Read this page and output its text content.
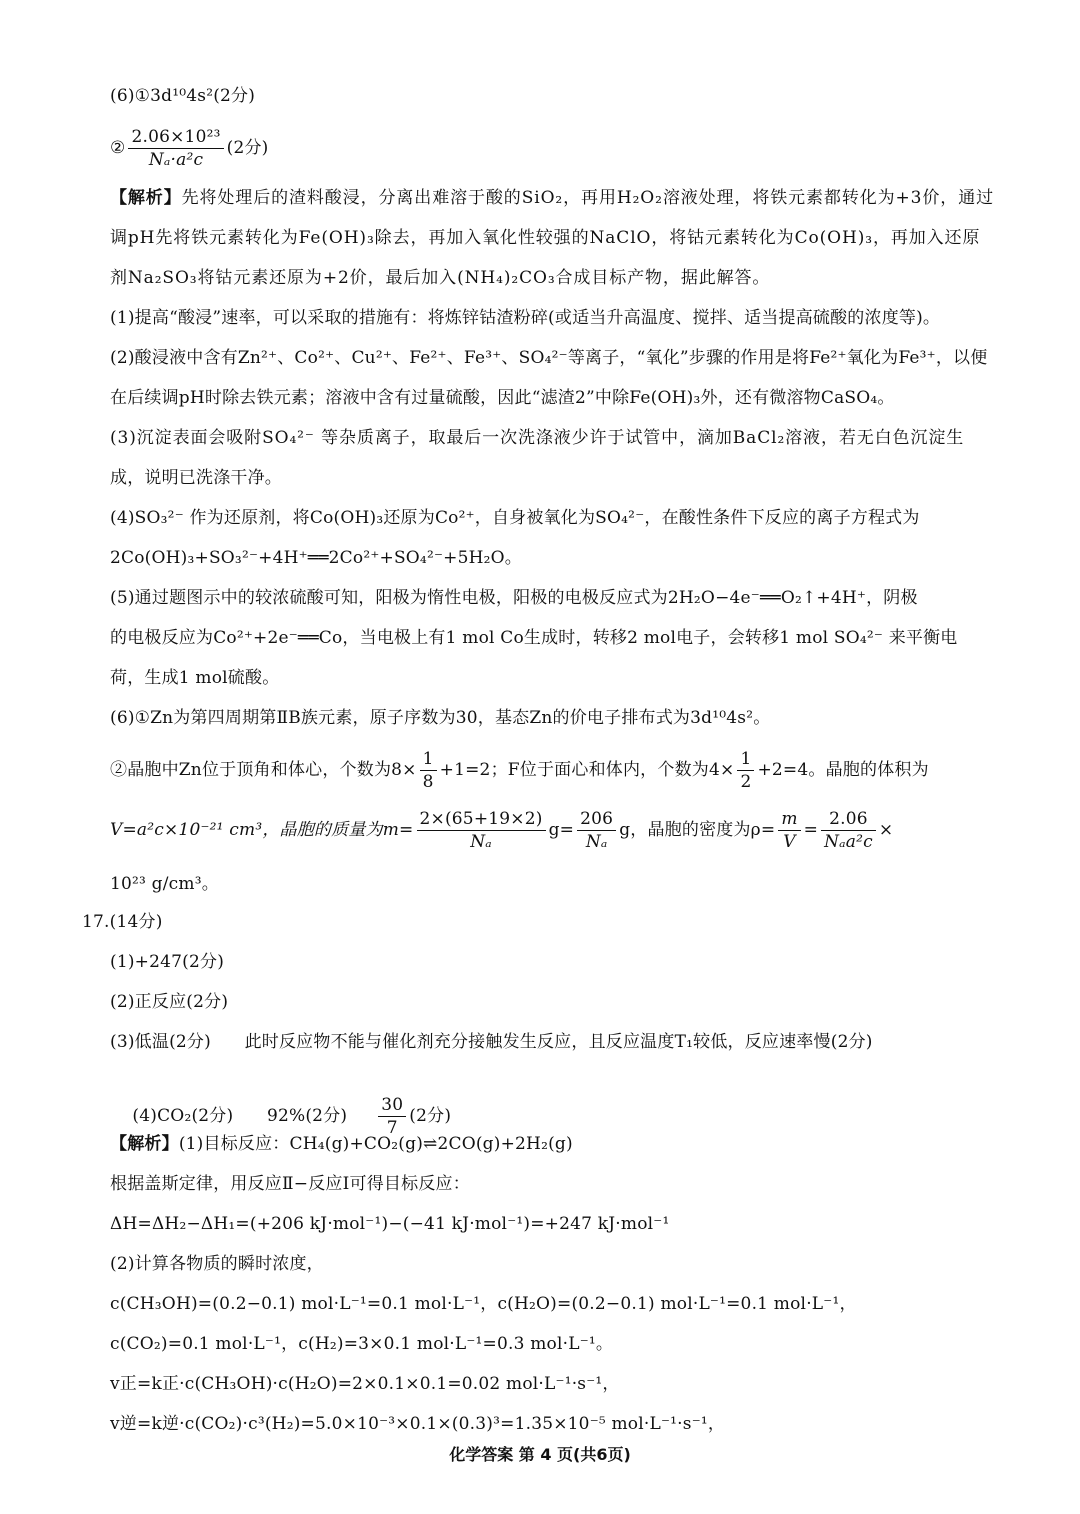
(6)①3d¹⁰4s²(2分)
② $\frac{\text{2.06×10²³}}{\text{Nₐ·a²c}} (2$分)
【解析】先将处理后的渣料酸浸，分离出难溶于酸的SiO₂，再用H₂O₂溶液处理，将铁元素都转化为+3价，通过
调pH先将铁元素转化为Fe(OH)₃除去，再加入氧化性较强的NaClO，将钴元素转化为Co(OH)₃，再加入还原
剂Na₂SO₃将钴元素还原为+2价，最后加入(NH₄)₂CO₃合成目标产物，据此解答。
(1)提高“酸浸”速率，可以采取的措施有：将炼锌钴渣粉碎(或适当升高温度、搅拌、适当提高硫酸的浓度等)。
(2)酸浸液中含有Zn²⁺、Co²⁺、Cu²⁺、Fe²⁺、Fe³⁺、SO₄²⁻等离子，“氧化”步骤的作用是将Fe²⁺氧化为Fe³⁺，以便
在后续调pH时除去铁元素；溶液中含有过量硫酸，因此“滤渣2”中除Fe(OH)₃外，还有微溶物CaSO₄。
(3)沉淀表面会吸附SO₄²⁻ 等杂质离子，取最后一次洗涤液少许于试管中，滴加BaCl₂溶液，若无白色沉淀生
成，说明已洗涤干净。
(4)SO₃²⁻ 作为还原剂，将Co(OH)₃还原为Co²⁺，自身被氧化为SO₄²⁻，在酸性条件下反应的离子方程式为
2Co(OH)₃+SO₃²⁻+4H⁺══2Co²⁺+SO₄²⁻+5H₂O。
(5)通过题图示中的较浓硫酸可知，阳极为惰性电极，阳极的电极反应式为2H₂O−4e⁻══O₂↑+4H⁺，阴极
的电极反应为Co²⁺+2e⁻══Co，当电极上有1 mol Co生成时，转移2 mol电子，会转移1 mol SO₄²⁻ 来平衡电
荷，生成1 mol硫酸。
(6)①Zn为第四周期第ⅡB族元素，原子序数为30，基态Zn的价电子排布式为3d¹⁰4s²。
②晶胞中Zn位于顶角和体心，个数为$8\times \frac{1}{8} +1=2$；F位于面心和体内，个数为$4\times \frac{1}{2} +2=4$。晶胞的体积为
V=a²c×10⁻²¹ cm³，晶胞的质量为$m= \frac{2\times(65+19\times 2)}{\text{Nₐ}} g= \frac{206}{\text{Nₐ}}$ g，晶胞的密度为$\rho= \frac{m}{V} = \frac{2.06}{\text{Nₐa²c}}$ ×
10²³ g/cm³。
17.(14分)
(1)+247(2分)
(2)正反应(2分)
(3)低温(2分)      此时反应物不能与催化剂充分接触发生反应，且反应温度T₁较低，反应速率慢(2分)

(4)CO₂(2分)      92%(2分) $\frac{30}{7} (2$分)

【解析】(1)目标反应：CH₄(g)+CO₂(g)⇌2CO(g)+2H₂(g)
根据盖斯定律，用反应Ⅱ−反应Ⅰ可得目标反应：
ΔH=ΔH₂−ΔH₁=(+206 kJ·mol⁻¹)−(−41 kJ·mol⁻¹)=+247 kJ·mol⁻¹
(2)计算各物质的瞬时浓度，
c(CH₃OH)=(0.2−0.1) mol·L⁻¹=0.1 mol·L⁻¹，c(H₂O)=(0.2−0.1) mol·L⁻¹=0.1 mol·L⁻¹，
c(CO₂)=0.1 mol·L⁻¹，c(H₂)=3×0.1 mol·L⁻¹=0.3 mol·L⁻¹。
v正=k正·c(CH₃OH)·c(H₂O)=2×0.1×0.1=0.02 mol·L⁻¹·s⁻¹，
v逆=k逆·c(CO₂)·c³(H₂)=5.0×10⁻³×0.1×(0.3)³=1.35×10⁻⁵ mol·L⁻¹·s⁻¹，
化学答案 第 4 页(共6页)
